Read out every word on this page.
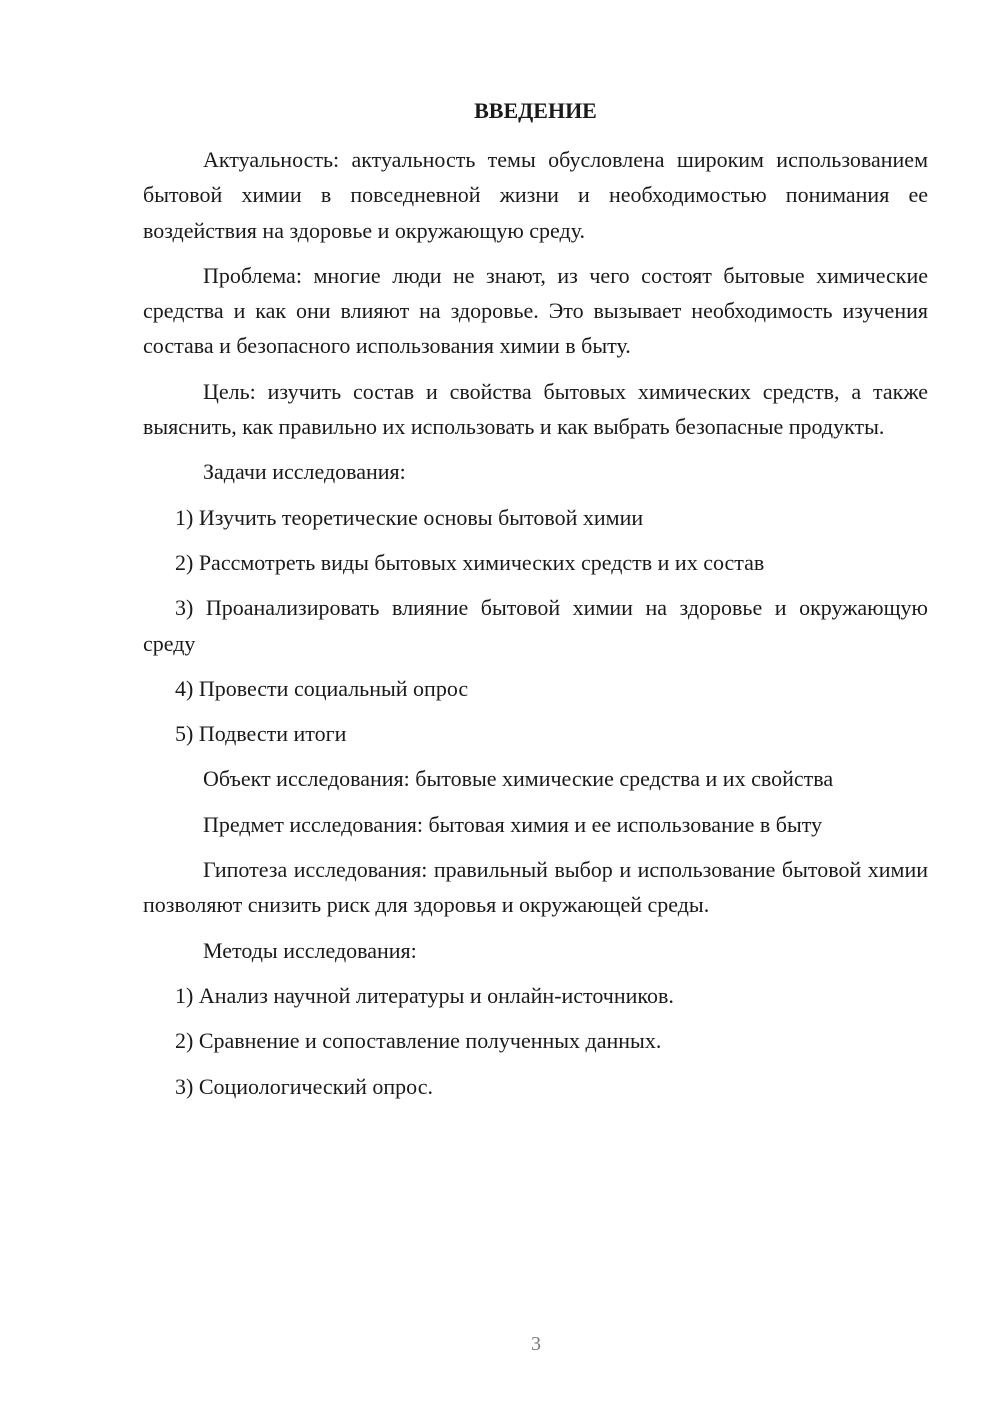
ВВЕДЕНИЕ

Актуальность: актуальность темы обусловлена широким использованием бытовой химии в повседневной жизни и необходимостью понимания ее воздействия на здоровье и окружающую среду.

Проблема: многие люди не знают, из чего состоят бытовые химические средства и как они влияют на здоровье. Это вызывает необходимость изучения состава и безопасного использования химии в быту.

Цель: изучить состав и свойства бытовых химических средств, а также выяснить, как правильно их использовать и как выбрать безопасные продукты.

Задачи исследования:

1) Изучить теоретические основы бытовой химии

2) Рассмотреть виды бытовых химических средств и их состав

3) Проанализировать влияние бытовой химии на здоровье и окружающую среду

4) Провести социальный опрос

5) Подвести итоги

Объект исследования: бытовые химические средства и их свойства

Предмет исследования: бытовая химия и ее использование в быту

Гипотеза исследования: правильный выбор и использование бытовой химии позволяют снизить риск для здоровья и окружающей среды.

Методы исследования:

1) Анализ научной литературы и онлайн-источников.

2) Сравнение и сопоставление полученных данных.

3) Социологический опрос.

3
